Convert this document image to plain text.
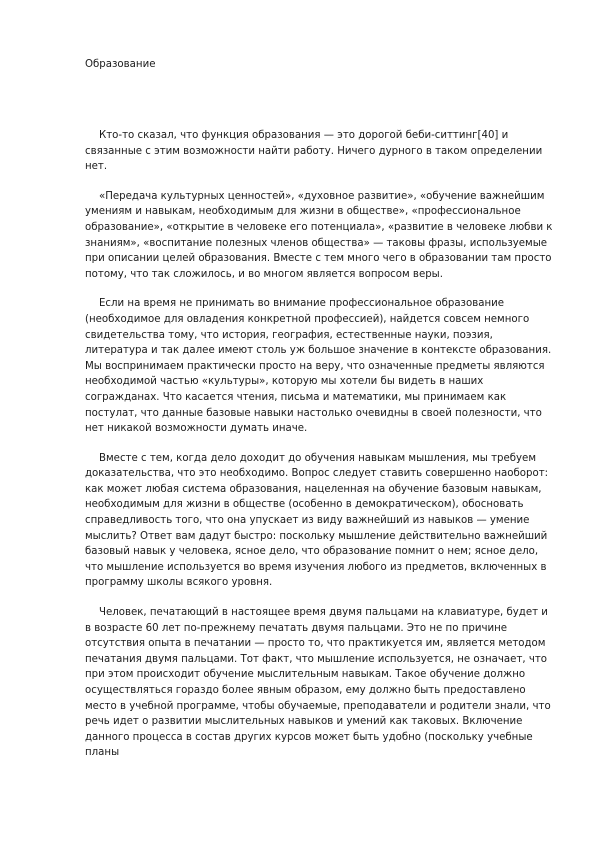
Образование

Кто-то сказал, что функция образования — это дорогой беби-ситтинг[40] и связанные с этим возможности найти работу. Ничего дурного в таком определении нет.

«Передача культурных ценностей», «духовное развитие», «обучение важнейшим умениям и навыкам, необходимым для жизни в обществе», «профессиональное образование», «открытие в человеке его потенциала», «развитие в человеке любви к знаниям», «воспитание полезных членов общества» — таковы фразы, используемые при описании целей образования. Вместе с тем много чего в образовании там просто потому, что так сложилось, и во многом является вопросом веры.

Если на время не принимать во внимание профессиональное образование (необходимое для овладения конкретной профессией), найдется совсем немного свидетельства тому, что история, география, естественные науки, поэзия, литература и так далее имеют столь уж большое значение в контексте образования. Мы воспринимаем практически просто на веру, что означенные предметы являются необходимой частью «культуры», которую мы хотели бы видеть в наших согражданах. Что касается чтения, письма и математики, мы принимаем как постулат, что данные базовые навыки настолько очевидны в своей полезности, что нет никакой возможности думать иначе.

Вместе с тем, когда дело доходит до обучения навыкам мышления, мы требуем доказательства, что это необходимо. Вопрос следует ставить совершенно наоборот: как может любая система образования, нацеленная на обучение базовым навыкам, необходимым для жизни в обществе (особенно в демократическом), обосновать справедливость того, что она упускает из виду важнейший из навыков — умение мыслить? Ответ вам дадут быстро: поскольку мышление действительно важнейший базовый навык у человека, ясное дело, что образование помнит о нем; ясное дело, что мышление используется во время изучения любого из предметов, включенных в программу школы всякого уровня.

Человек, печатающий в настоящее время двумя пальцами на клавиатуре, будет и в возрасте 60 лет по-прежнему печатать двумя пальцами. Это не по причине отсутствия опыта в печатании — просто то, что практикуется им, является методом печатания двумя пальцами. Тот факт, что мышление используется, не означает, что при этом происходит обучение мыслительным навыкам. Такое обучение должно осуществляться гораздо более явным образом, ему должно быть предоставлено место в учебной программе, чтобы обучаемые, преподаватели и родители знали, что речь идет о развитии мыслительных навыков и умений как таковых. Включение данного процесса в состав других курсов может быть удобно (поскольку учебные планы
